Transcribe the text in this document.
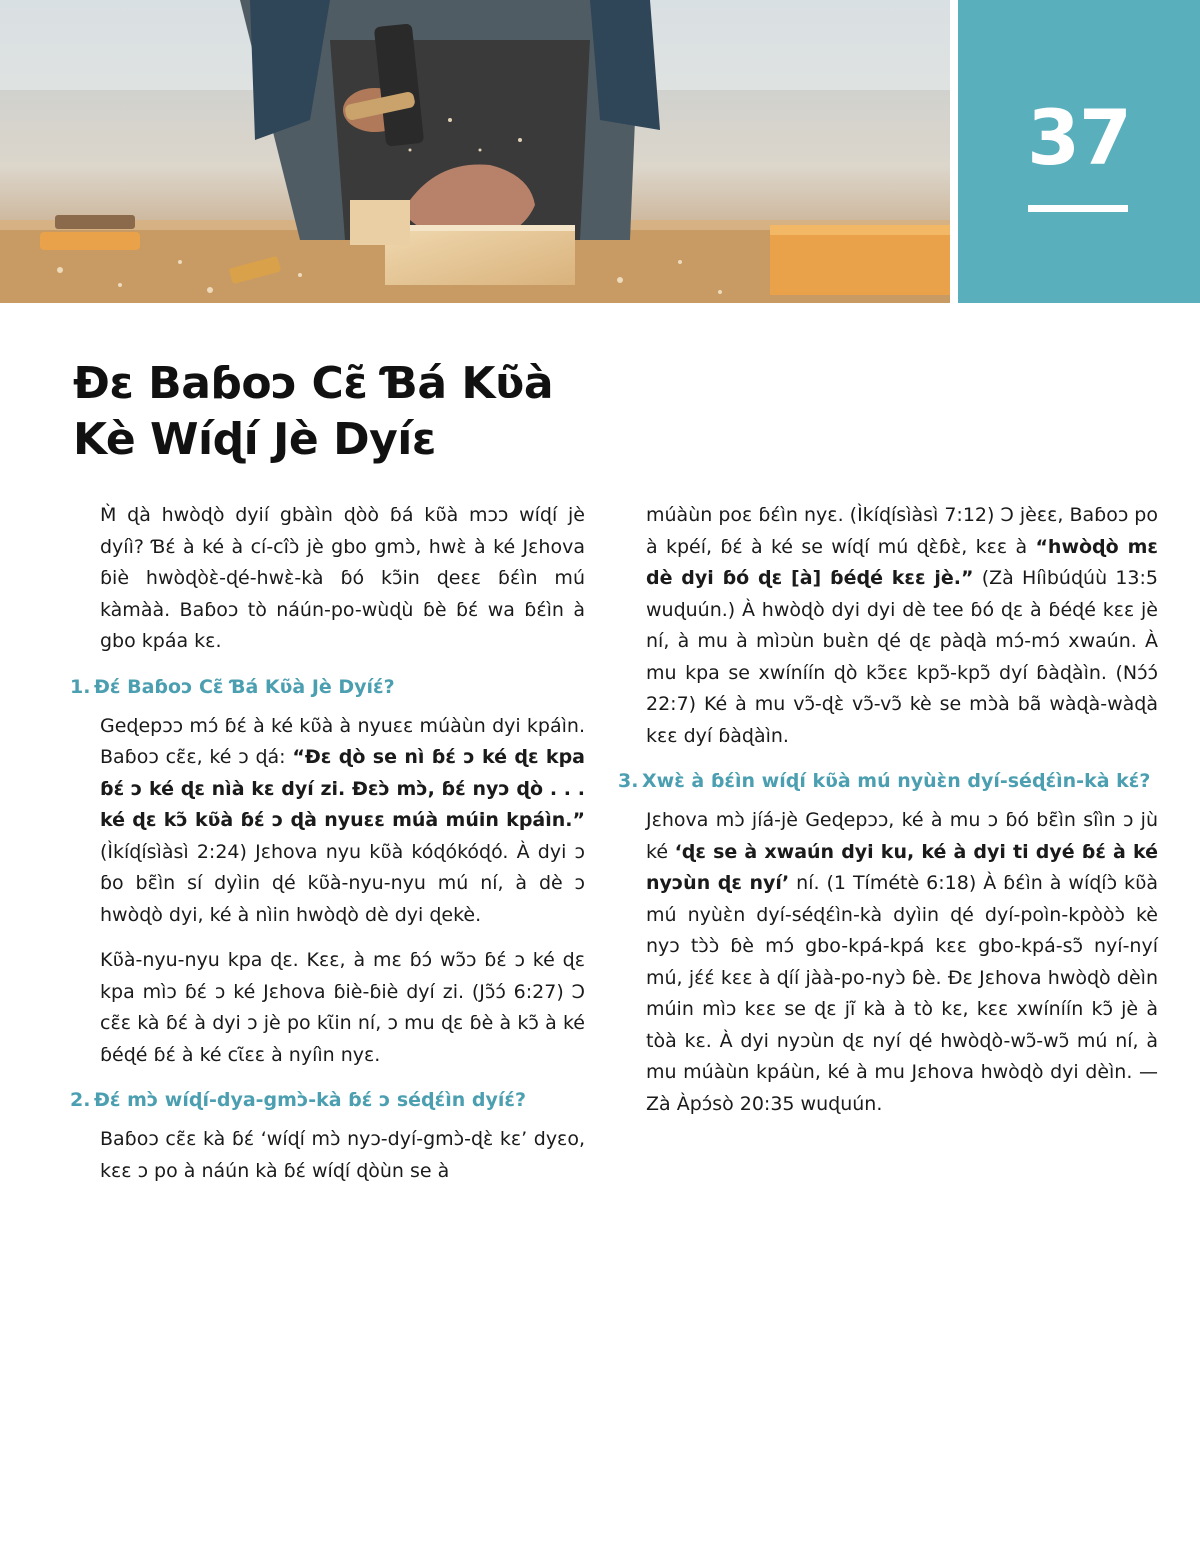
37
Ɖɛ Baɓoɔ Cɛ̃ Ɓá Kʋ̃à
Kè Wíɖí Jè Dyíɛ

M̀ ɖà hwòɖò dyií gbàìn ɖòò ɓá kʋ̃à mɔɔ wíɖí jè dyíì? Ɓɛ́ à ké à cí-cîɔ̀ jè gbo gmɔ̀, hwɛ̀ à ké Jɛhova ɓiè hwòɖòɛ̀-ɖé-hwɛ̀-kà ɓó kɔ̃in ɖeɛɛ ɓɛ́ìn mú kàmàà. Baɓoɔ tò náún-po-wùɖù ɓè ɓɛ́ wa ɓɛ́ìn à gbo kpáa kɛ.

1. Ɖɛ́ Baɓoɔ Cɛ̃ Ɓá Kʋ̃à Jè Dyíɛ́?

Geɖepɔɔ mɔ́ ɓɛ́ à ké kʋ̃à à nyuɛɛ múàùn dyi kpáìn. Baɓoɔ cɛ̃ɛ, ké ɔ ɖá: “Ɖɛ ɖò se nì ɓɛ́ ɔ ké ɖɛ kpa ɓɛ́ ɔ ké ɖɛ nìà kɛ dyí zi. Ɖɛɔ̀ mɔ̀, ɓɛ́ nyɔ ɖò . . . ké ɖɛ kɔ̃ kʋ̃à ɓɛ́ ɔ ɖà nyuɛɛ múà múin kpáìn.” (Ìkíɖísìàsì 2:24) Jɛhova nyu kʋ̃à kóɖókóɖó. À dyi ɔ ɓo bɛ̃ìn sí dyìin ɖé kʋ̃à-nyu-nyu mú ní, à dè ɔ hwòɖò dyi, ké à nìin hwòɖò dè dyi ɖekè.

Kʋ̃à-nyu-nyu kpa ɖɛ. Kɛɛ, à mɛ ɓɔ́ wɔ̃ɔ ɓɛ́ ɔ ké ɖɛ kpa mìɔ ɓɛ́ ɔ ké Jɛhova ɓiè-ɓiè dyí zi. (Jɔ̃ɔ́ 6:27) Ɔ cɛ̃ɛ kà ɓɛ́ à dyi ɔ jè po kɩ̃in ní, ɔ mu ɖɛ ɓè à kɔ̃ à ké ɓéɖé ɓɛ́ à ké cɩ̃ɛɛ à nyíìn nyɛ.

2. Ɖɛ́ mɔ̀ wíɖí-dya-gmɔ̀-kà ɓɛ́ ɔ séɖɛ́ìn dyíɛ́?

Baɓoɔ cɛ̃ɛ kà ɓɛ́ ‘wíɖí mɔ̀ nyɔ-dyí-gmɔ̀-ɖɛ̀ kɛ’ dyɛo, kɛɛ ɔ po à náún kà ɓɛ́ wíɖí ɖòùn se à

múàùn poɛ ɓɛ́ìn nyɛ. (Ìkíɖísìàsì 7:12) Ɔ jèɛɛ, Baɓoɔ po à kpéí, ɓɛ́ à ké se wíɖí mú ɖɛ̀ɓɛ̀, kɛɛ à “hwòɖò mɛ dè dyi ɓó ɖɛ [à] ɓéɖé kɛɛ jè.” (Zà Híìbúɖúù 13:5 wuɖuún.) À hwòɖò dyi dyi dè tee ɓó ɖɛ à ɓéɖé kɛɛ jè ní, à mu à mìɔùn buɛ̀n ɖé ɖɛ pàɖà mɔ́-mɔ́ xwaún. À mu kpa se xwíníín ɖò kɔ̃ɛɛ kpɔ̃-kpɔ̃ dyí ɓàɖàìn. (Nɔ́ɔ́ 22:7) Ké à mu vɔ̃-ɖɛ̀ vɔ̃-vɔ̃ kè se mɔ̀à bã wàɖà-wàɖà kɛɛ dyí ɓàɖàìn.

3. Xwɛ̀ à ɓɛ́ìn wíɖí kʋ̃à mú nyùɛ̀n dyí-séɖɛ́ìn-kà kɛ́?

Jɛhova mɔ̀ jíá-jè Geɖepɔɔ, ké à mu ɔ ɓó bɛ̃ìn sîìn ɔ jù ké ‘ɖɛ se à xwaún dyi ku, ké à dyi ti dyé ɓɛ́ à ké nyɔùn ɖɛ nyí’ ní. (1 Tímétè 6:18) À ɓɛ́ìn à wíɖíɔ̀ kʋ̃à mú nyùɛ̀n dyí-séɖɛ́ìn-kà dyìin ɖé dyí-poìn-kpòòɔ̀ kè nyɔ tɔ̀ɔ̀ ɓè mɔ́ gbo-kpá-kpá kɛɛ gbo-kpá-sɔ̃ nyí-nyí mú, jɛ́ɛ́ kɛɛ à ɖíí jàà-po-nyɔ̀ ɓè. Ɖɛ Jɛhova hwòɖò dèìn múin mìɔ kɛɛ se ɖɛ jĩ kà à tò kɛ, kɛɛ xwíníín kɔ̃ jè à tòà kɛ. À dyi nyɔùn ɖɛ nyí ɖé hwòɖò-wɔ̃-wɔ̃ mú ní, à mu múàùn kpáùn, ké à mu Jɛhova hwòɖò dyi dèìn. —Zà Àpɔ́sò 20:35 wuɖuún.
